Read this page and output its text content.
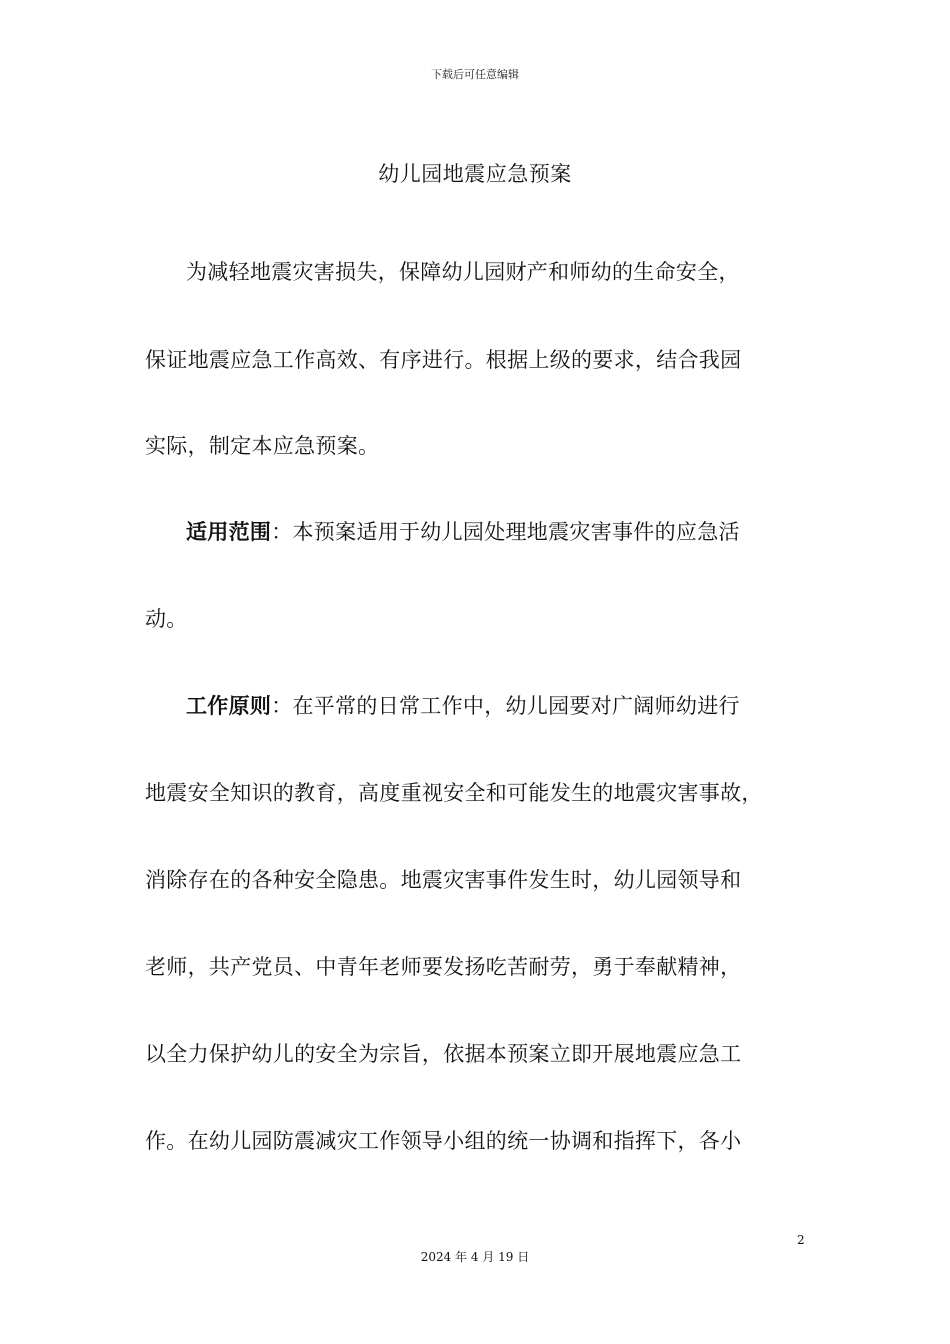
下载后可任意编辑
幼儿园地震应急预案
为减轻地震灾害损失，保障幼儿园财产和师幼的生命安全，
保证地震应急工作高效、有序进行。根据上级的要求，结合我园
实际，制定本应急预案。
适用范围：本预案适用于幼儿园处理地震灾害事件的应急活
动。
工作原则：在平常的日常工作中，幼儿园要对广阔师幼进行
地震安全知识的教育，高度重视安全和可能发生的地震灾害事故，
消除存在的各种安全隐患。地震灾害事件发生时，幼儿园领导和
老师，共产党员、中青年老师要发扬吃苦耐劳，勇于奉献精神，
以全力保护幼儿的安全为宗旨，依据本预案立即开展地震应急工
作。在幼儿园防震减灾工作领导小组的统一协调和指挥下，各小
2
2024 年 4 月 19 日
